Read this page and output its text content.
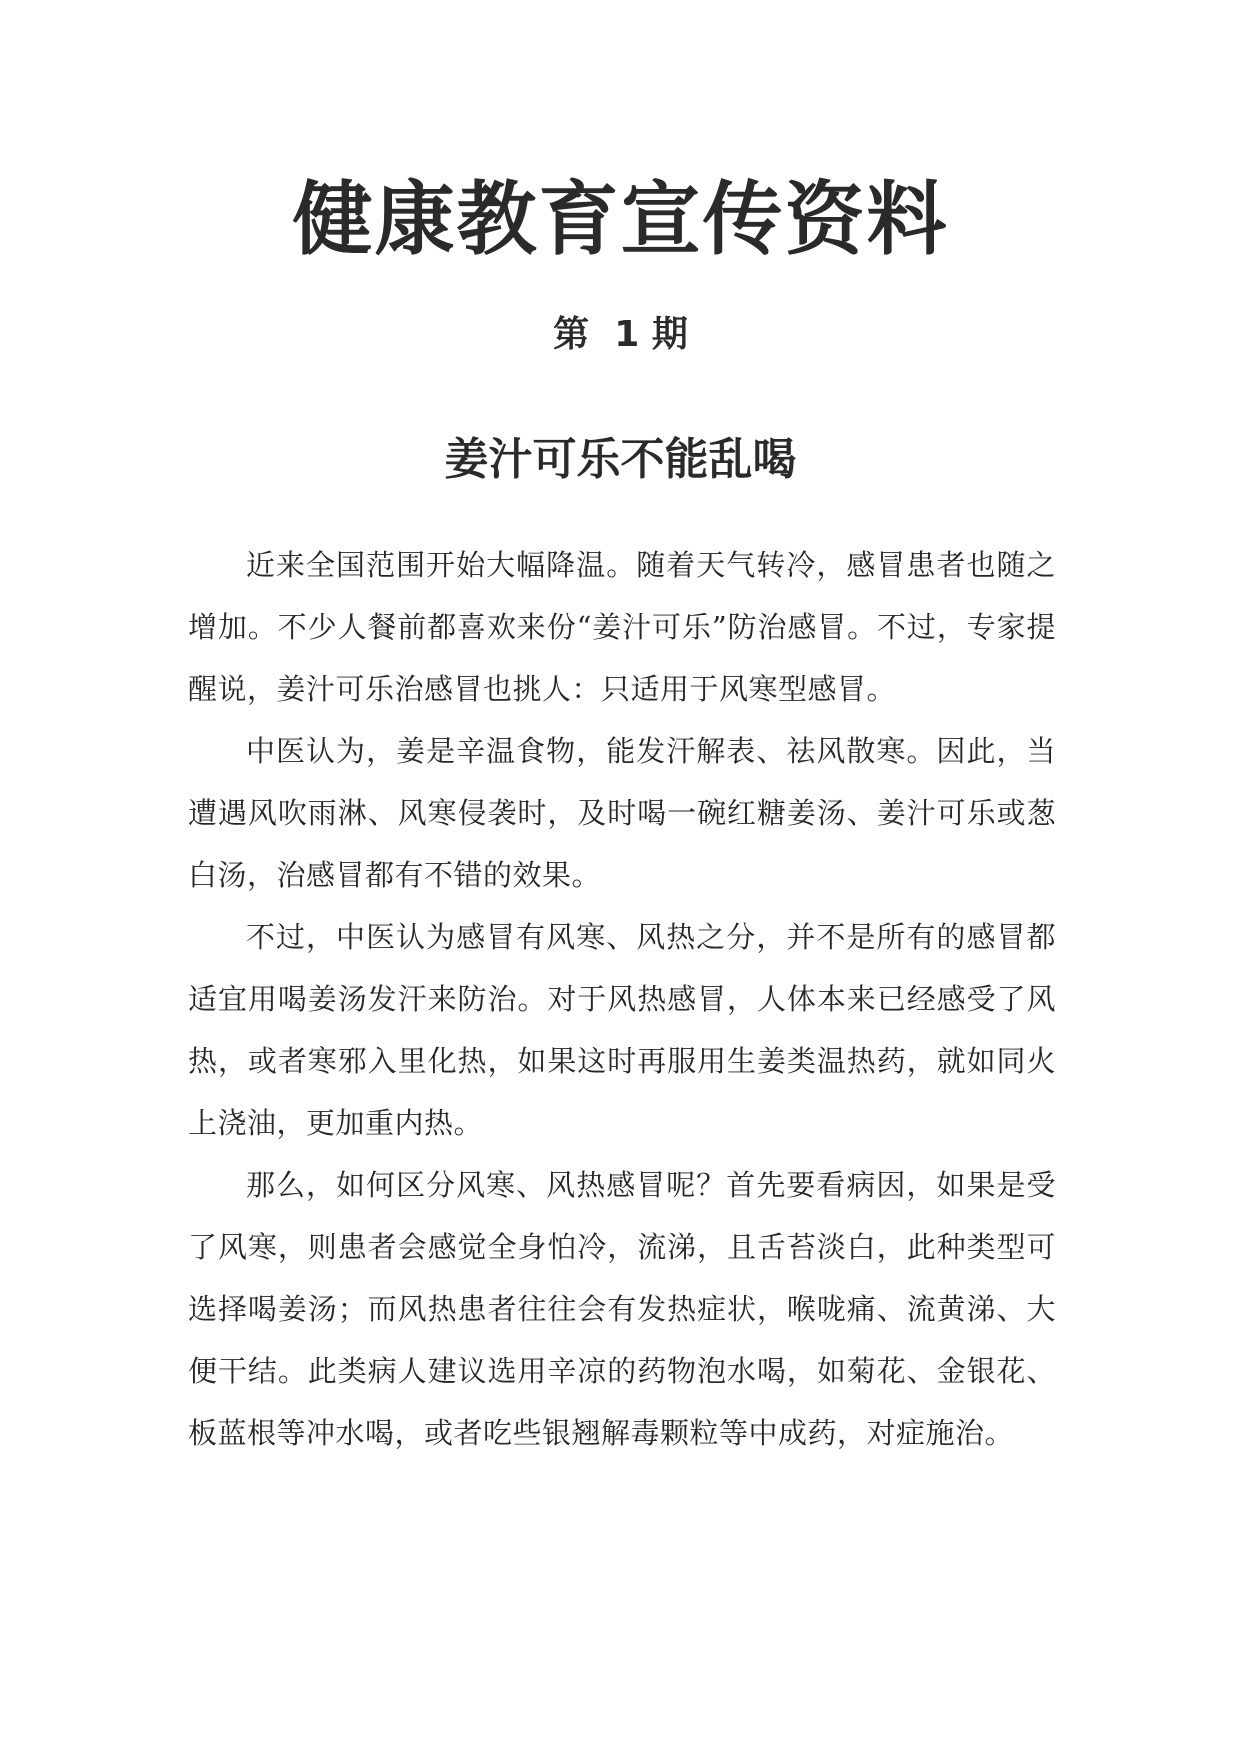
健康教育宣传资料
第  1 期
姜汁可乐不能乱喝

近来全国范围开始大幅降温。随着天气转冷，感冒患者也随之增加。不少人餐前都喜欢来份“姜汁可乐”防治感冒。不过，专家提醒说，姜汁可乐治感冒也挑人：只适用于风寒型感冒。

中医认为，姜是辛温食物，能发汗解表、祛风散寒。因此，当遭遇风吹雨淋、风寒侵袭时，及时喝一碗红糖姜汤、姜汁可乐或葱白汤，治感冒都有不错的效果。

不过，中医认为感冒有风寒、风热之分，并不是所有的感冒都适宜用喝姜汤发汗来防治。对于风热感冒，人体本来已经感受了风热，或者寒邪入里化热，如果这时再服用生姜类温热药，就如同火上浇油，更加重内热。

那么，如何区分风寒、风热感冒呢？首先要看病因，如果是受了风寒，则患者会感觉全身怕冷，流涕，且舌苔淡白，此种类型可选择喝姜汤；而风热患者往往会有发热症状，喉咙痛、流黄涕、大便干结。此类病人建议选用辛凉的药物泡水喝，如菊花、金银花、板蓝根等冲水喝，或者吃些银翘解毒颗粒等中成药，对症施治。
